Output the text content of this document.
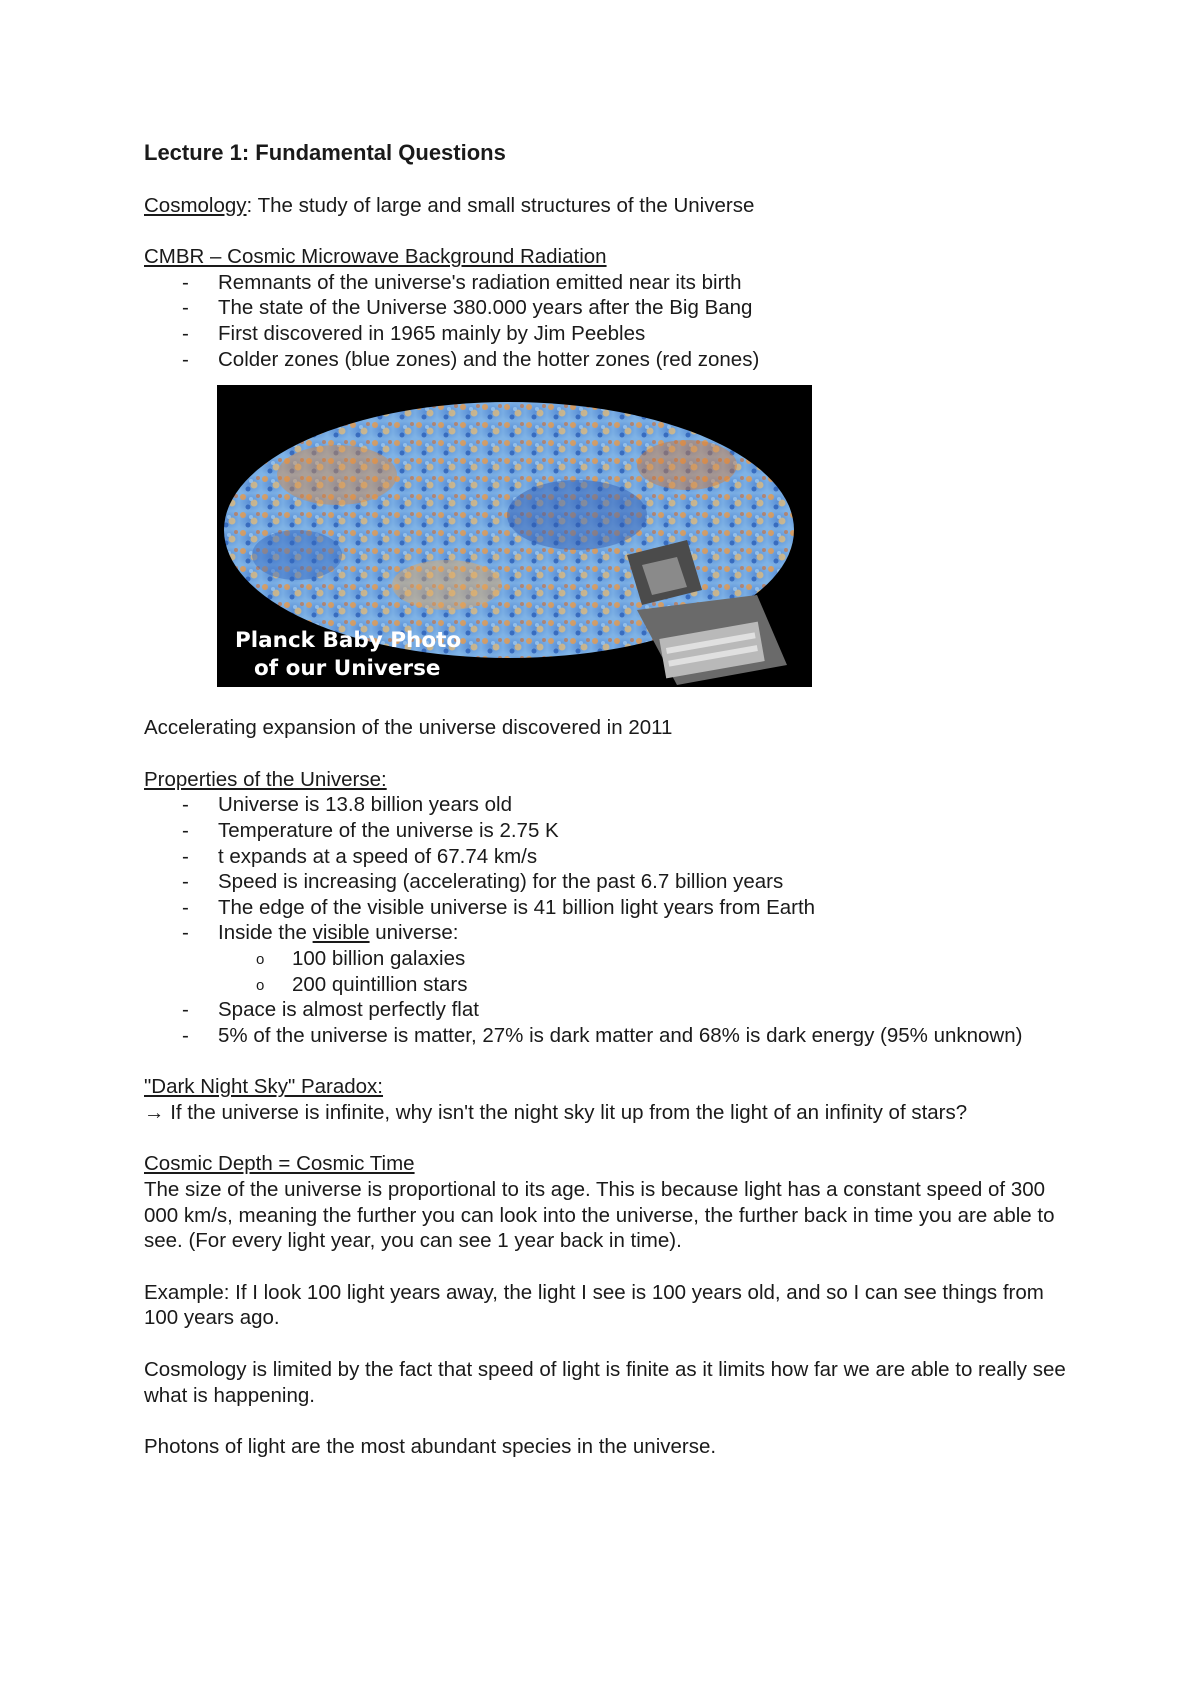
Lecture 1: Fundamental Questions

Cosmology: The study of large and small structures of the Universe

CMBR – Cosmic Microwave Background Radiation

- Remnants of the universe's radiation emitted near its birth
- The state of the Universe 380.000 years after the Big Bang
- First discovered in 1965 mainly by Jim Peebles
- Colder zones (blue zones) and the hotter zones (red zones)
Planck Baby Photo
of our Universe

Accelerating expansion of the universe discovered in 2011

Properties of the Universe:

- Universe is 13.8 billion years old
- Temperature of the universe is 2.75 K
- t expands at a speed of 67.74 km/s
- Speed is increasing (accelerating) for the past 6.7 billion years
- The edge of the visible universe is 41 billion light years from Earth
- Inside the visible universe:
o 100 billion galaxies
o 200 quintillion stars
- Space is almost perfectly flat
- 5% of the universe is matter, 27% is dark matter and 68% is dark energy (95% unknown)

"Dark Night Sky" Paradox:

→ If the universe is infinite, why isn't the night sky lit up from the light of an infinity of stars?

Cosmic Depth = Cosmic Time

The size of the universe is proportional to its age. This is because light has a constant speed of 300 000 km/s, meaning the further you can look into the universe, the further back in time you are able to see. (For every light year, you can see 1 year back in time).

Example: If I look 100 light years away, the light I see is 100 years old, and so I can see things from 100 years ago.

Cosmology is limited by the fact that speed of light is finite as it limits how far we are able to really see what is happening.

Photons of light are the most abundant species in the universe.
